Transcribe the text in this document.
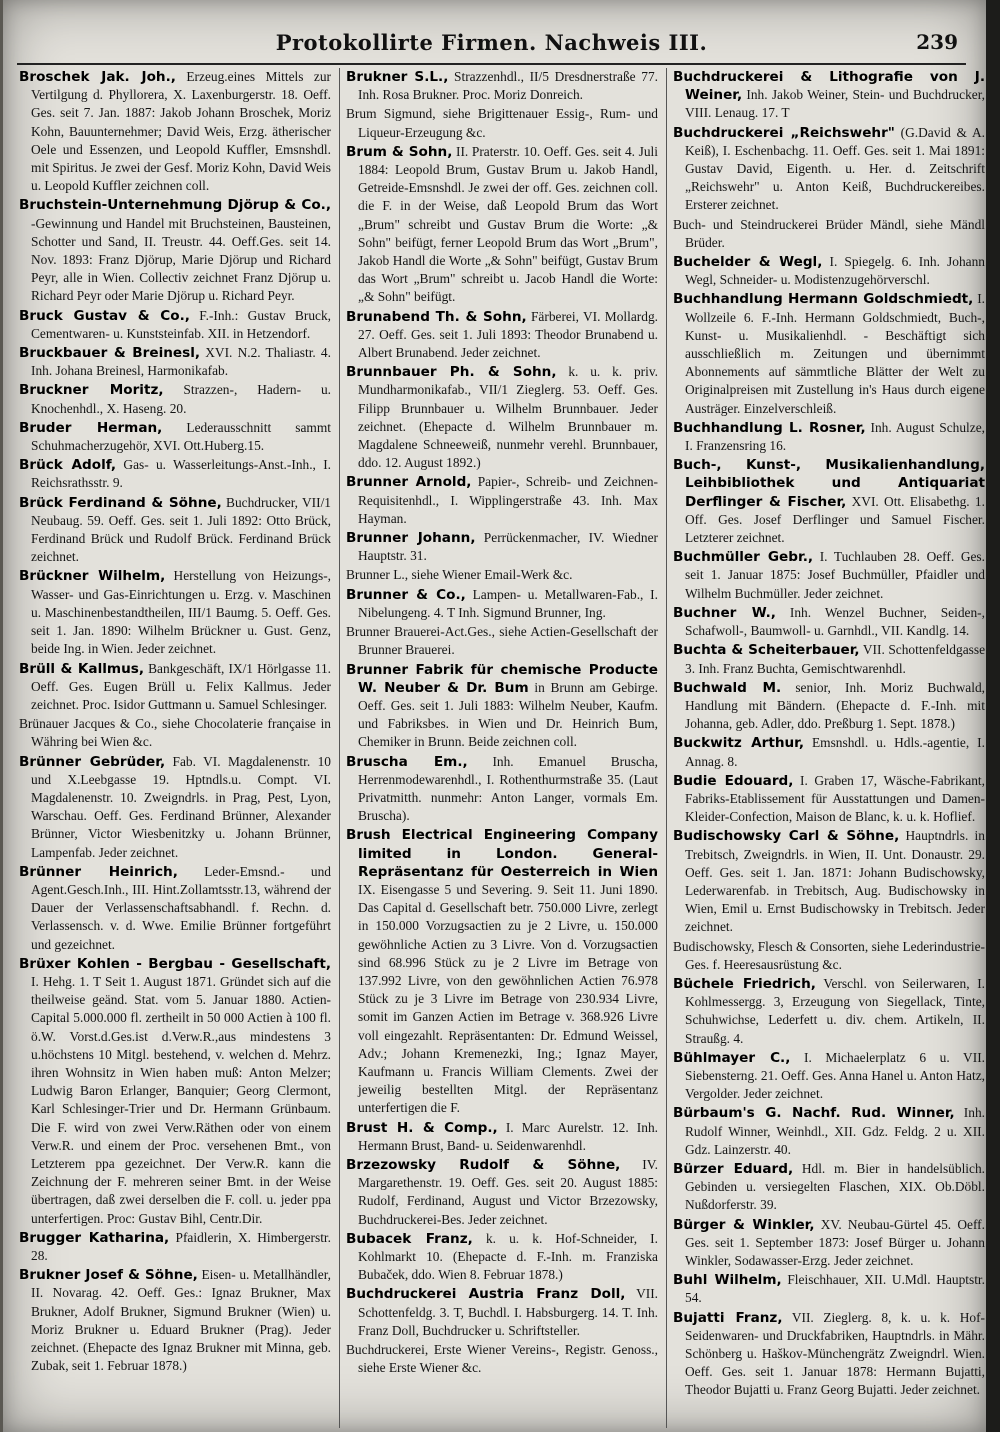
Protokollirte Firmen. Nachweis III.	239

Broschek Jak. Joh., Erzeug.eines Mittels zur Vertilgung d. Phyllorera, X. Laxenburgerstr. 18. Oeff. Ges. seit 7. Jan. 1887: Jakob Johann Broschek, Moriz Kohn, Bauunternehmer; David Weis, Erzg. ätherischer Oele und Essenzen, und Leopold Kuffler, Emsnshdl. mit Spiritus. Je zwei der Gesf. Moriz Kohn, David Weis u. Leopold Kuffler zeichnen coll.

Bruchstein-Unternehmung Djörup & Co., -Gewinnung und Handel mit Bruchsteinen, Bausteinen, Schotter und Sand, II. Treustr. 44. Oeff.Ges. seit 14. Nov. 1893: Franz Djörup, Marie Djörup und Richard Peyr, alle in Wien. Collectiv zeichnet Franz Djörup u. Richard Peyr oder Marie Djörup u. Richard Peyr.

Bruck Gustav & Co., F.-Inh.: Gustav Bruck, Cementwaren- u. Kunststeinfab. XII. in Hetzendorf.

Bruckbauer & Breinesl, XVI. N.2. Thaliastr. 4. Inh. Johana Breinesl, Harmonikafab.

Bruckner Moritz, Strazzen-, Hadern- u. Knochenhdl., X. Haseng. 20.

Bruder Herman, Lederausschnitt sammt Schuhmacherzugehör, XVI. Ott.Huberg.15.

Brück Adolf, Gas- u. Wasserleitungs-Anst.-Inh., I. Reichsrathsstr. 9.

Brück Ferdinand & Söhne, Buchdrucker, VII/1 Neubaug. 59. Oeff. Ges. seit 1. Juli 1892: Otto Brück, Ferdinand Brück und Rudolf Brück. Ferdinand Brück zeichnet.

Brückner Wilhelm, Herstellung von Heizungs-, Wasser- und Gas-Einrichtungen u. Erzg. v. Maschinen u. Maschinenbestandtheilen, III/1 Baumg. 5. Oeff. Ges. seit 1. Jan. 1890: Wilhelm Brückner u. Gust. Genz, beide Ing. in Wien. Jeder zeichnet.

Brüll & Kallmus, Bankgeschäft, IX/1 Hörlgasse 11. Oeff. Ges. Eugen Brüll u. Felix Kallmus. Jeder zeichnet. Proc. Isidor Guttmann u. Samuel Schlesinger.

Brünauer Jacques & Co., siehe Chocolaterie française in Währing bei Wien &c.

Brünner Gebrüder, Fab. VI. Magdalenenstr. 10 und X.Leebgasse 19. Hptndls.u. Compt. VI. Magdalenenstr. 10. Zweigndrls. in Prag, Pest, Lyon, Warschau. Oeff. Ges. Ferdinand Brünner, Alexander Brünner, Victor Wiesbenitzky u. Johann Brünner, Lampenfab. Jeder zeichnet.

Brünner Heinrich, Leder-Emsnd.- und Agent.Gesch.Inh., III. Hint.Zollamtsstr.13, während der Dauer der Verlassenschaftsabhandl. f. Rechn. d. Verlassensch. v. d. Wwe. Emilie Brünner fortgeführt und gezeichnet.

Brüxer Kohlen - Bergbau - Gesellschaft, I. Hehg. 1. T Seit 1. August 1871. Gründet sich auf die theilweise geänd. Stat. vom 5. Januar 1880. Actien-Capital 5.000.000 fl. zertheilt in 50 000 Actien à 100 fl. ö.W. Vorst.d.Ges.ist d.Verw.R.,aus mindestens 3 u.höchstens 10 Mitgl. bestehend, v. welchen d. Mehrz. ihren Wohnsitz in Wien haben muß: Anton Melzer; Ludwig Baron Erlanger, Banquier; Georg Clermont, Karl Schlesinger-Trier und Dr. Hermann Grünbaum. Die F. wird von zwei Verw.Räthen oder von einem Verw.R. und einem der Proc. versehenen Bmt., von Letzterem ppa gezeichnet. Der Verw.R. kann die Zeichnung der F. mehreren seiner Bmt. in der Weise übertragen, daß zwei derselben die F. coll. u. jeder ppa unterfertigen. Proc: Gustav Bihl, Centr.Dir.

Brugger Katharina, Pfaidlerin, X. Himbergerstr. 28.

Brukner Josef & Söhne, Eisen- u. Metallhändler, II. Novarag. 42. Oeff. Ges.: Ignaz Brukner, Max Brukner, Adolf Brukner, Sigmund Brukner (Wien) u. Moriz Brukner u. Eduard Brukner (Prag). Jeder zeichnet. (Ehepacte des Ignaz Brukner mit Minna, geb. Zubak, seit 1. Februar 1878.)

Brukner S.L., Strazzenhdl., II/5 Dresdnerstraße 77. Inh. Rosa Brukner. Proc. Moriz Donreich.

Brum Sigmund, siehe Brigittenauer Essig-, Rum- und Liqueur-Erzeugung &c.

Brum & Sohn, II. Praterstr. 10. Oeff. Ges. seit 4. Juli 1884: Leopold Brum, Gustav Brum u. Jakob Handl, Getreide-Emsnshdl. Je zwei der off. Ges. zeichnen coll. die F. in der Weise, daß Leopold Brum das Wort „Brum" schreibt und Gustav Brum die Worte: „& Sohn" beifügt, ferner Leopold Brum das Wort „Brum", Jakob Handl die Worte „& Sohn" beifügt, Gustav Brum das Wort „Brum" schreibt u. Jacob Handl die Worte: „& Sohn" beifügt.

Brunabend Th. & Sohn, Färberei, VI. Mollardg. 27. Oeff. Ges. seit 1. Juli 1893: Theodor Brunabend u. Albert Brunabend. Jeder zeichnet.

Brunnbauer Ph. & Sohn, k. u. k. priv. Mundharmonikafab., VII/1 Zieglerg. 53. Oeff. Ges. Filipp Brunnbauer u. Wilhelm Brunnbauer. Jeder zeichnet. (Ehepacte d. Wilhelm Brunnbauer m. Magdalene Schneeweiß, nunmehr verehl. Brunnbauer, ddo. 12. August 1892.)

Brunner Arnold, Papier-, Schreib- und Zeichnen-Requisitenhdl., I. Wipplingerstraße 43. Inh. Max Hayman.

Brunner Johann, Perrückenmacher, IV. Wiedner Hauptstr. 31.

Brunner L., siehe Wiener Email-Werk &c.

Brunner & Co., Lampen- u. Metallwaren-Fab., I. Nibelungeng. 4. T Inh. Sigmund Brunner, Ing.

Brunner Brauerei-Act.Ges., siehe Actien-Gesellschaft der Brunner Brauerei.

Brunner Fabrik für chemische Producte W. Neuber & Dr. Bum in Brunn am Gebirge. Oeff. Ges. seit 1. Juli 1883: Wilhelm Neuber, Kaufm. und Fabriksbes. in Wien und Dr. Heinrich Bum, Chemiker in Brunn. Beide zeichnen coll.

Bruscha Em., Inh. Emanuel Bruscha, Herrenmodewarenhdl., I. Rothenthurmstraße 35. (Laut Privatmitth. nunmehr: Anton Langer, vormals Em. Bruscha).

Brush Electrical Engineering Company limited in London. General-Repräsentanz für Oesterreich in Wien IX. Eisengasse 5 und Severing. 9. Seit 11. Juni 1890. Das Capital d. Gesellschaft betr. 750.000 Livre, zerlegt in 150.000 Vorzugsactien zu je 2 Livre, u. 150.000 gewöhnliche Actien zu 3 Livre. Von d. Vorzugsactien sind 68.996 Stück zu je 2 Livre im Betrage von 137.992 Livre, von den gewöhnlichen Actien 76.978 Stück zu je 3 Livre im Betrage von 230.934 Livre, somit im Ganzen Actien im Betrage v. 368.926 Livre voll eingezahlt. Repräsentanten: Dr. Edmund Weissel, Adv.; Johann Kremenezki, Ing.; Ignaz Mayer, Kaufmann u. Francis William Clements. Zwei der jeweilig bestellten Mitgl. der Repräsentanz unterfertigen die F.

Brust H. & Comp., I. Marc Aurelstr. 12. Inh. Hermann Brust, Band- u. Seidenwarenhdl.

Brzezowsky Rudolf & Söhne, IV. Margarethenstr. 19. Oeff. Ges. seit 20. August 1885: Rudolf, Ferdinand, August und Victor Brzezowsky, Buchdruckerei-Bes. Jeder zeichnet.

Bubacek Franz, k. u. k. Hof-Schneider, I. Kohlmarkt 10. (Ehepacte d. F.-Inh. m. Franziska Bubaček, ddo. Wien 8. Februar 1878.)

Buchdruckerei Austria Franz Doll, VII. Schottenfeldg. 3. T, Buchdl. I. Habsburgerg. 14. T. Inh. Franz Doll, Buchdrucker u. Schriftsteller.

Buchdruckerei, Erste Wiener Vereins-, Registr. Genoss., siehe Erste Wiener &c.

Buchdruckerei & Lithografie von J. Weiner, Inh. Jakob Weiner, Stein- und Buchdrucker, VIII. Lenaug. 17. T

Buchdruckerei „Reichswehr" (G.David & A. Keiß), I. Eschenbachg. 11. Oeff. Ges. seit 1. Mai 1891: Gustav David, Eigenth. u. Her. d. Zeitschrift „Reichswehr" u. Anton Keiß, Buchdruckereibes. Ersterer zeichnet.

Buch- und Steindruckerei Brüder Mändl, siehe Mändl Brüder.

Buchelder & Wegl, I. Spiegelg. 6. Inh. Johann Wegl, Schneider- u. Modistenzugehörverschl.

Buchhandlung Hermann Goldschmiedt, I. Wollzeile 6. F.-Inh. Hermann Goldschmiedt, Buch-, Kunst- u. Musikalienhdl. - Beschäftigt sich ausschließlich m. Zeitungen und übernimmt Abonnements auf sämmtliche Blätter der Welt zu Originalpreisen mit Zustellung in's Haus durch eigene Austräger. Einzelverschleiß.

Buchhandlung L. Rosner, Inh. August Schulze, I. Franzensring 16.

Buch-, Kunst-, Musikalienhandlung, Leihbibliothek und Antiquariat Derflinger & Fischer, XVI. Ott. Elisabethg. 1. Off. Ges. Josef Derflinger und Samuel Fischer. Letzterer zeichnet.

Buchmüller Gebr., I. Tuchlauben 28. Oeff. Ges. seit 1. Januar 1875: Josef Buchmüller, Pfaidler und Wilhelm Buchmüller. Jeder zeichnet.

Buchner W., Inh. Wenzel Buchner, Seiden-, Schafwoll-, Baumwoll- u. Garnhdl., VII. Kandlg. 14.

Buchta & Scheiterbauer, VII. Schottenfeldgasse 3. Inh. Franz Buchta, Gemischtwarenhdl.

Buchwald M. senior, Inh. Moriz Buchwald, Handlung mit Bändern. (Ehepacte d. F.-Inh. mit Johanna, geb. Adler, ddo. Preßburg 1. Sept. 1878.)

Buckwitz Arthur, Emsnshdl. u. Hdls.-agentie, I. Annag. 8.

Budie Edouard, I. Graben 17, Wäsche-Fabrikant, Fabriks-Etablissement für Ausstattungen und Damen-Kleider-Confection, Maison de Blanc, k. u. k. Hoflief.

Budischowsky Carl & Söhne, Hauptndrls. in Trebitsch, Zweigndrls. in Wien, II. Unt. Donaustr. 29. Oeff. Ges. seit 1. Jan. 1871: Johann Budischowsky, Lederwarenfab. in Trebitsch, Aug. Budischowsky in Wien, Emil u. Ernst Budischowsky in Trebitsch. Jeder zeichnet.

Budischowsky, Flesch & Consorten, siehe Lederindustrie-Ges. f. Heeresausrüstung &c.

Büchele Friedrich, Verschl. von Seilerwaren, I. Kohlmessergg. 3, Erzeugung von Siegellack, Tinte, Schuhwichse, Lederfett u. div. chem. Artikeln, II. Straußg. 4.

Bühlmayer C., I. Michaelerplatz 6 u. VII. Siebensterng. 21. Oeff. Ges. Anna Hanel u. Anton Hatz, Vergolder. Jeder zeichnet.

Bürbaum's G. Nachf. Rud. Winner, Inh. Rudolf Winner, Weinhdl., XII. Gdz. Feldg. 2 u. XII. Gdz. Lainzerstr. 40.

Bürzer Eduard, Hdl. m. Bier in handelsüblich. Gebinden u. versiegelten Flaschen, XIX. Ob.Döbl. Nußdorferstr. 39.

Bürger & Winkler, XV. Neubau-Gürtel 45. Oeff. Ges. seit 1. September 1873: Josef Bürger u. Johann Winkler, Sodawasser-Erzg. Jeder zeichnet.

Buhl Wilhelm, Fleischhauer, XII. U.Mdl. Hauptstr. 54.

Bujatti Franz, VII. Zieglerg. 8, k. u. k. Hof-Seidenwaren- und Druckfabriken, Hauptndrls. in Mähr. Schönberg u. Haškov-Münchengrätz Zweigndrl. Wien. Oeff. Ges. seit 1. Januar 1878: Hermann Bujatti, Theodor Bujatti u. Franz Georg Bujatti. Jeder zeichnet.
